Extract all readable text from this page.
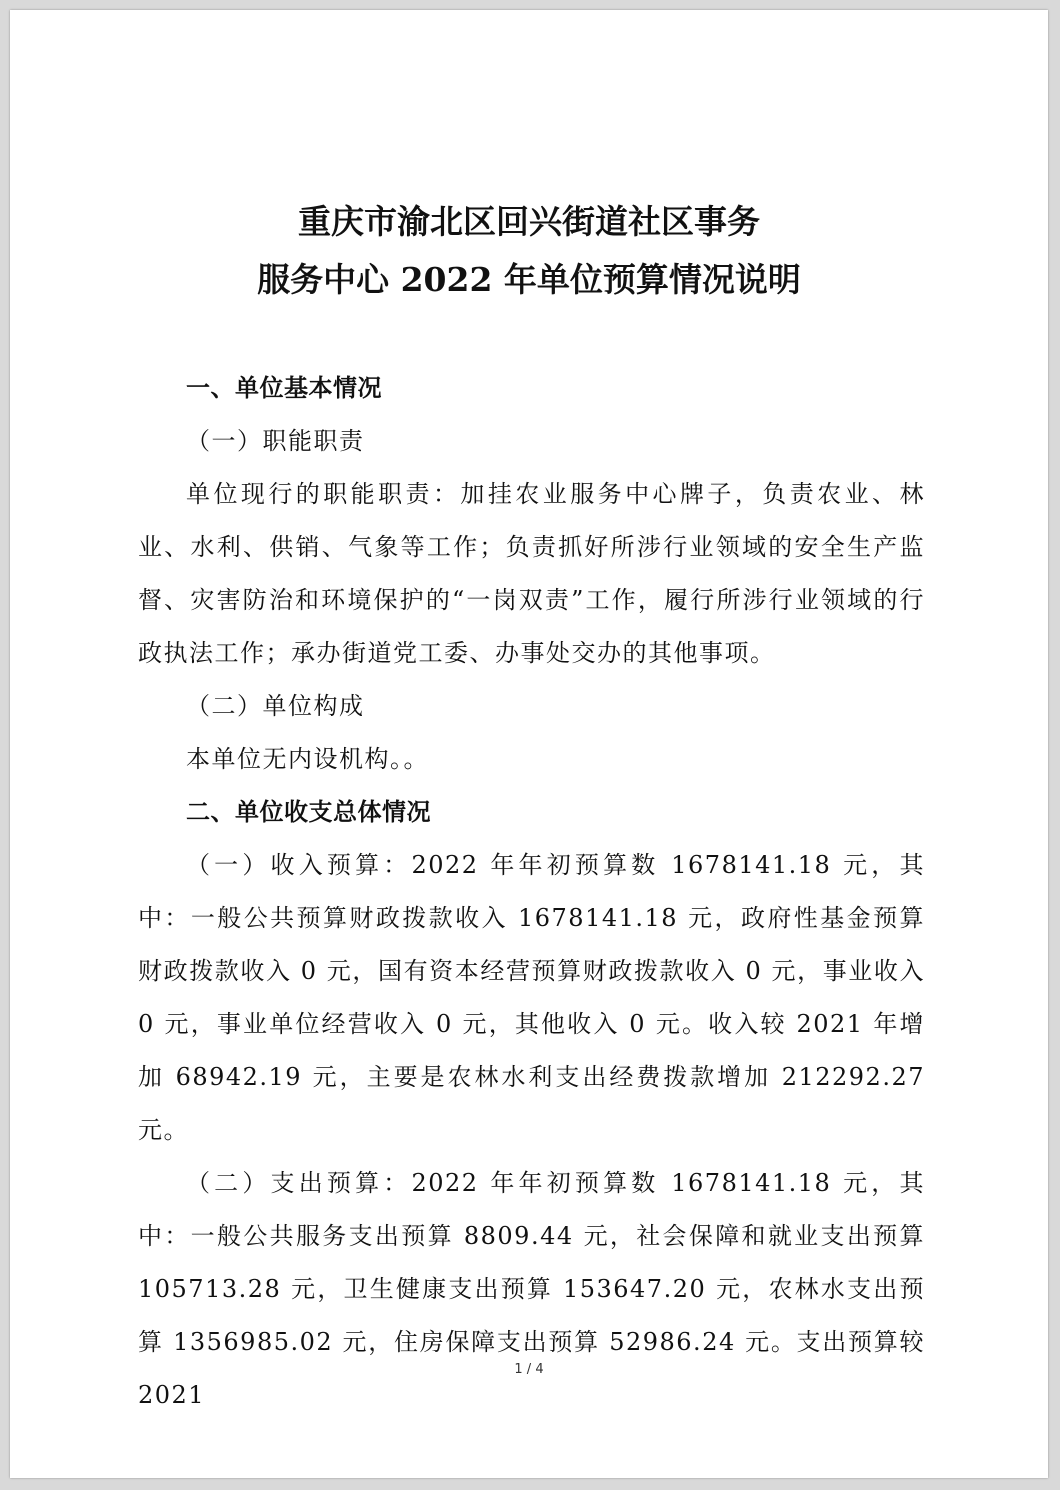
重庆市渝北区回兴街道社区事务
服务中心 2022 年单位预算情况说明

一、单位基本情况

（一）职能职责

单位现行的职能职责：加挂农业服务中心牌子，负责农业、林业、水利、供销、气象等工作；负责抓好所涉行业领域的安全生产监督、灾害防治和环境保护的“一岗双责”工作，履行所涉行业领域的行政执法工作；承办街道党工委、办事处交办的其他事项。

（二）单位构成

本单位无内设机构。。

二、单位收支总体情况

（一）收入预算：2022 年年初预算数 1678141.18 元，其中：一般公共预算财政拨款收入 1678141.18 元，政府性基金预算财政拨款收入 0 元，国有资本经营预算财政拨款收入 0 元，事业收入 0 元，事业单位经营收入 0 元，其他收入 0 元。收入较 2021 年增加 68942.19 元，主要是农林水利支出经费拨款增加 212292.27 元。

（二）支出预算：2022 年年初预算数 1678141.18 元，其中：一般公共服务支出预算 8809.44 元，社会保障和就业支出预算 105713.28 元，卫生健康支出预算 153647.20 元，农林水支出预算 1356985.02 元，住房保障支出预算 52986.24 元。支出预算较 2021

1 / 4
